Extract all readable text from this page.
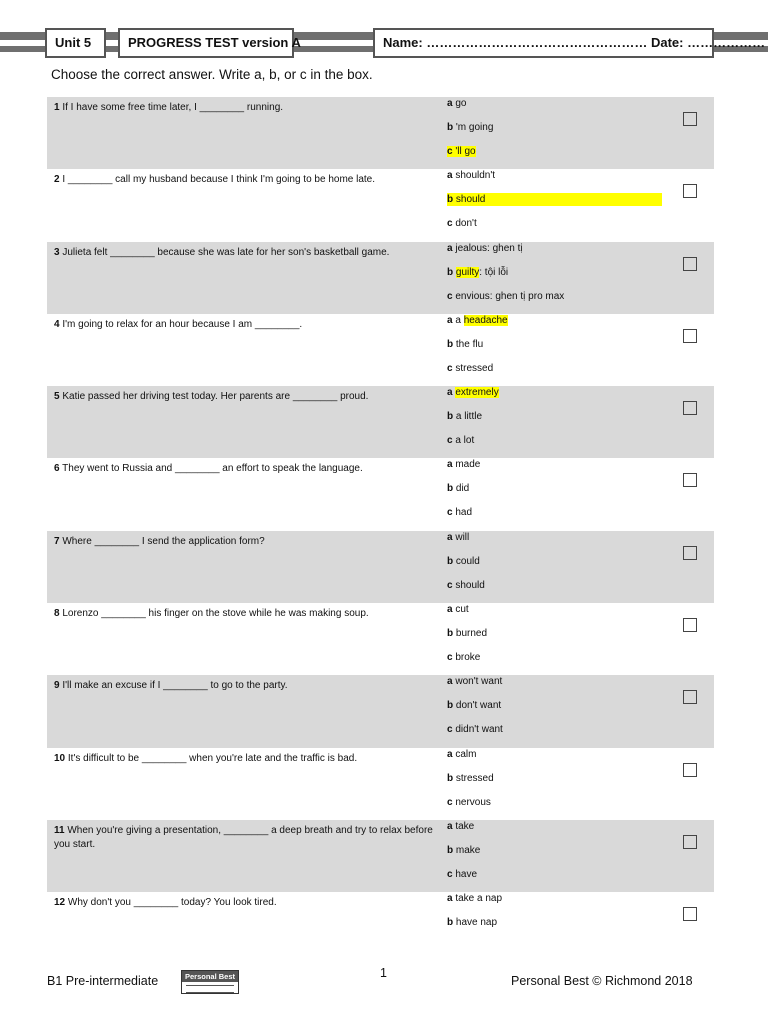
Unit 5	PROGRESS TEST version A	Name: …………………………………………… Date: ………………
Choose the correct answer. Write a, b, or c in the box.
1 If I have some free time later, I ________ running.	a go
b 'm going
c 'll go
2 I ________ call my husband because I think I'm going to be home late.	a shouldn't
b should
c don't
3 Julieta felt ________ because she was late for her son's basketball game.	a jealous: ghen tị
b guilty: tội lỗi
c envious: ghen tị pro max
4 I'm going to relax for an hour because I am ________.	a a headache
b the flu
c stressed
5 Katie passed her driving test today. Her parents are ________ proud.	a extremely
b a little
c a lot
6 They went to Russia and ________ an effort to speak the language.	a made
b did
c had
7 Where ________ I send the application form?	a will
b could
c should
8 Lorenzo ________ his finger on the stove while he was making soup.	a cut
b burned
c broke
9 I'll make an excuse if I ________ to go to the party.	a won't want
b don't want
c didn't want
10 It's difficult to be ________ when you're late and the traffic is bad.	a calm
b stressed
c nervous
11 When you're giving a presentation, ________ a deep breath and try to relax before you start.
a take
b make
c have
12 Why don't you ________ today? You look tired.	a take a nap
b have nap
B1 Pre-intermediate	Personal Best	1
Personal Best © Richmond 2018
